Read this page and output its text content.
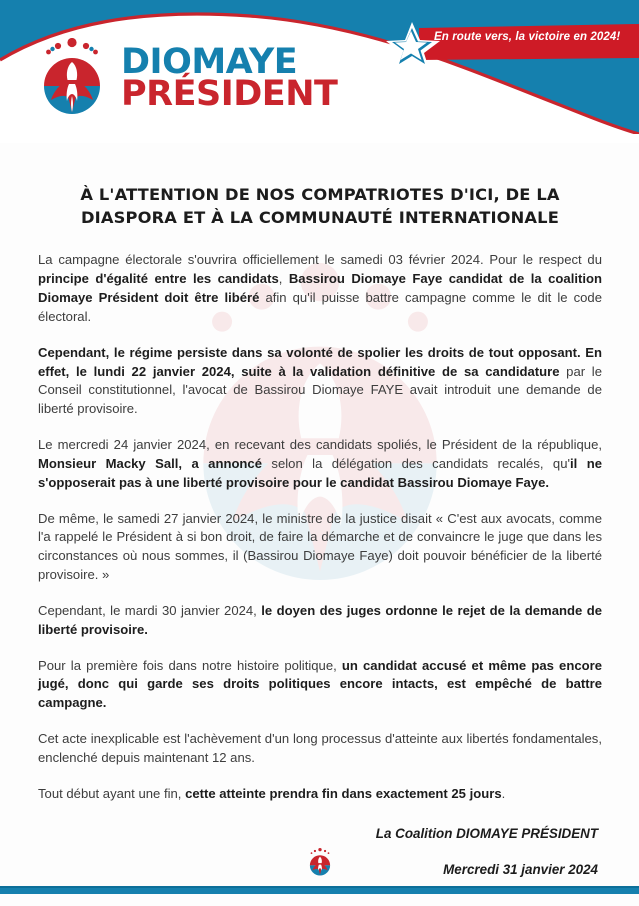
En route vers, la victoire en 2024!
DIOMAYE
PRÉSIDENT
À L'ATTENTION DE NOS COMPATRIOTES D'ICI, DE LA DIASPORA ET À LA COMMUNAUTÉ INTERNATIONALE

La campagne électorale s'ouvrira officiellement le samedi 03 février 2024. Pour le respect du principe d'égalité entre les candidats, Bassirou Diomaye Faye candidat de la coalition Diomaye Président doit être libéré afin qu'il puisse battre campagne comme le dit le code électoral.

Cependant, le régime persiste dans sa volonté de spolier les droits de tout opposant. En effet, le lundi 22 janvier 2024, suite à la validation définitive de sa candidature par le Conseil constitutionnel, l'avocat de Bassirou Diomaye FAYE avait introduit une demande de liberté provisoire.

Le mercredi 24 janvier 2024, en recevant des candidats spoliés, le Président de la république, Monsieur Macky Sall, a annoncé selon la délégation des candidats recalés, qu'il ne s'opposerait pas à une liberté provisoire pour le candidat Bassirou Diomaye Faye.

De même, le samedi 27 janvier 2024, le ministre de la justice disait « C'est aux avocats, comme l'a rappelé le Président à si bon droit, de faire la démarche et de convaincre le juge que dans les circonstances où nous sommes, il (Bassirou Diomaye Faye) doit pouvoir bénéficier de la liberté provisoire. »

Cependant, le mardi 30 janvier 2024, le doyen des juges ordonne le rejet de la demande de liberté provisoire.

Pour la première fois dans notre histoire politique, un candidat accusé et même pas encore jugé, donc qui garde ses droits politiques encore intacts, est empêché de battre campagne.

Cet acte inexplicable est l'achèvement d'un long processus d'atteinte aux libertés fondamentales, enclenché depuis maintenant 12 ans.

Tout début ayant une fin, cette atteinte prendra fin dans exactement 25 jours.

La Coalition DIOMAYE PRÉSIDENT
Mercredi 31 janvier 2024
